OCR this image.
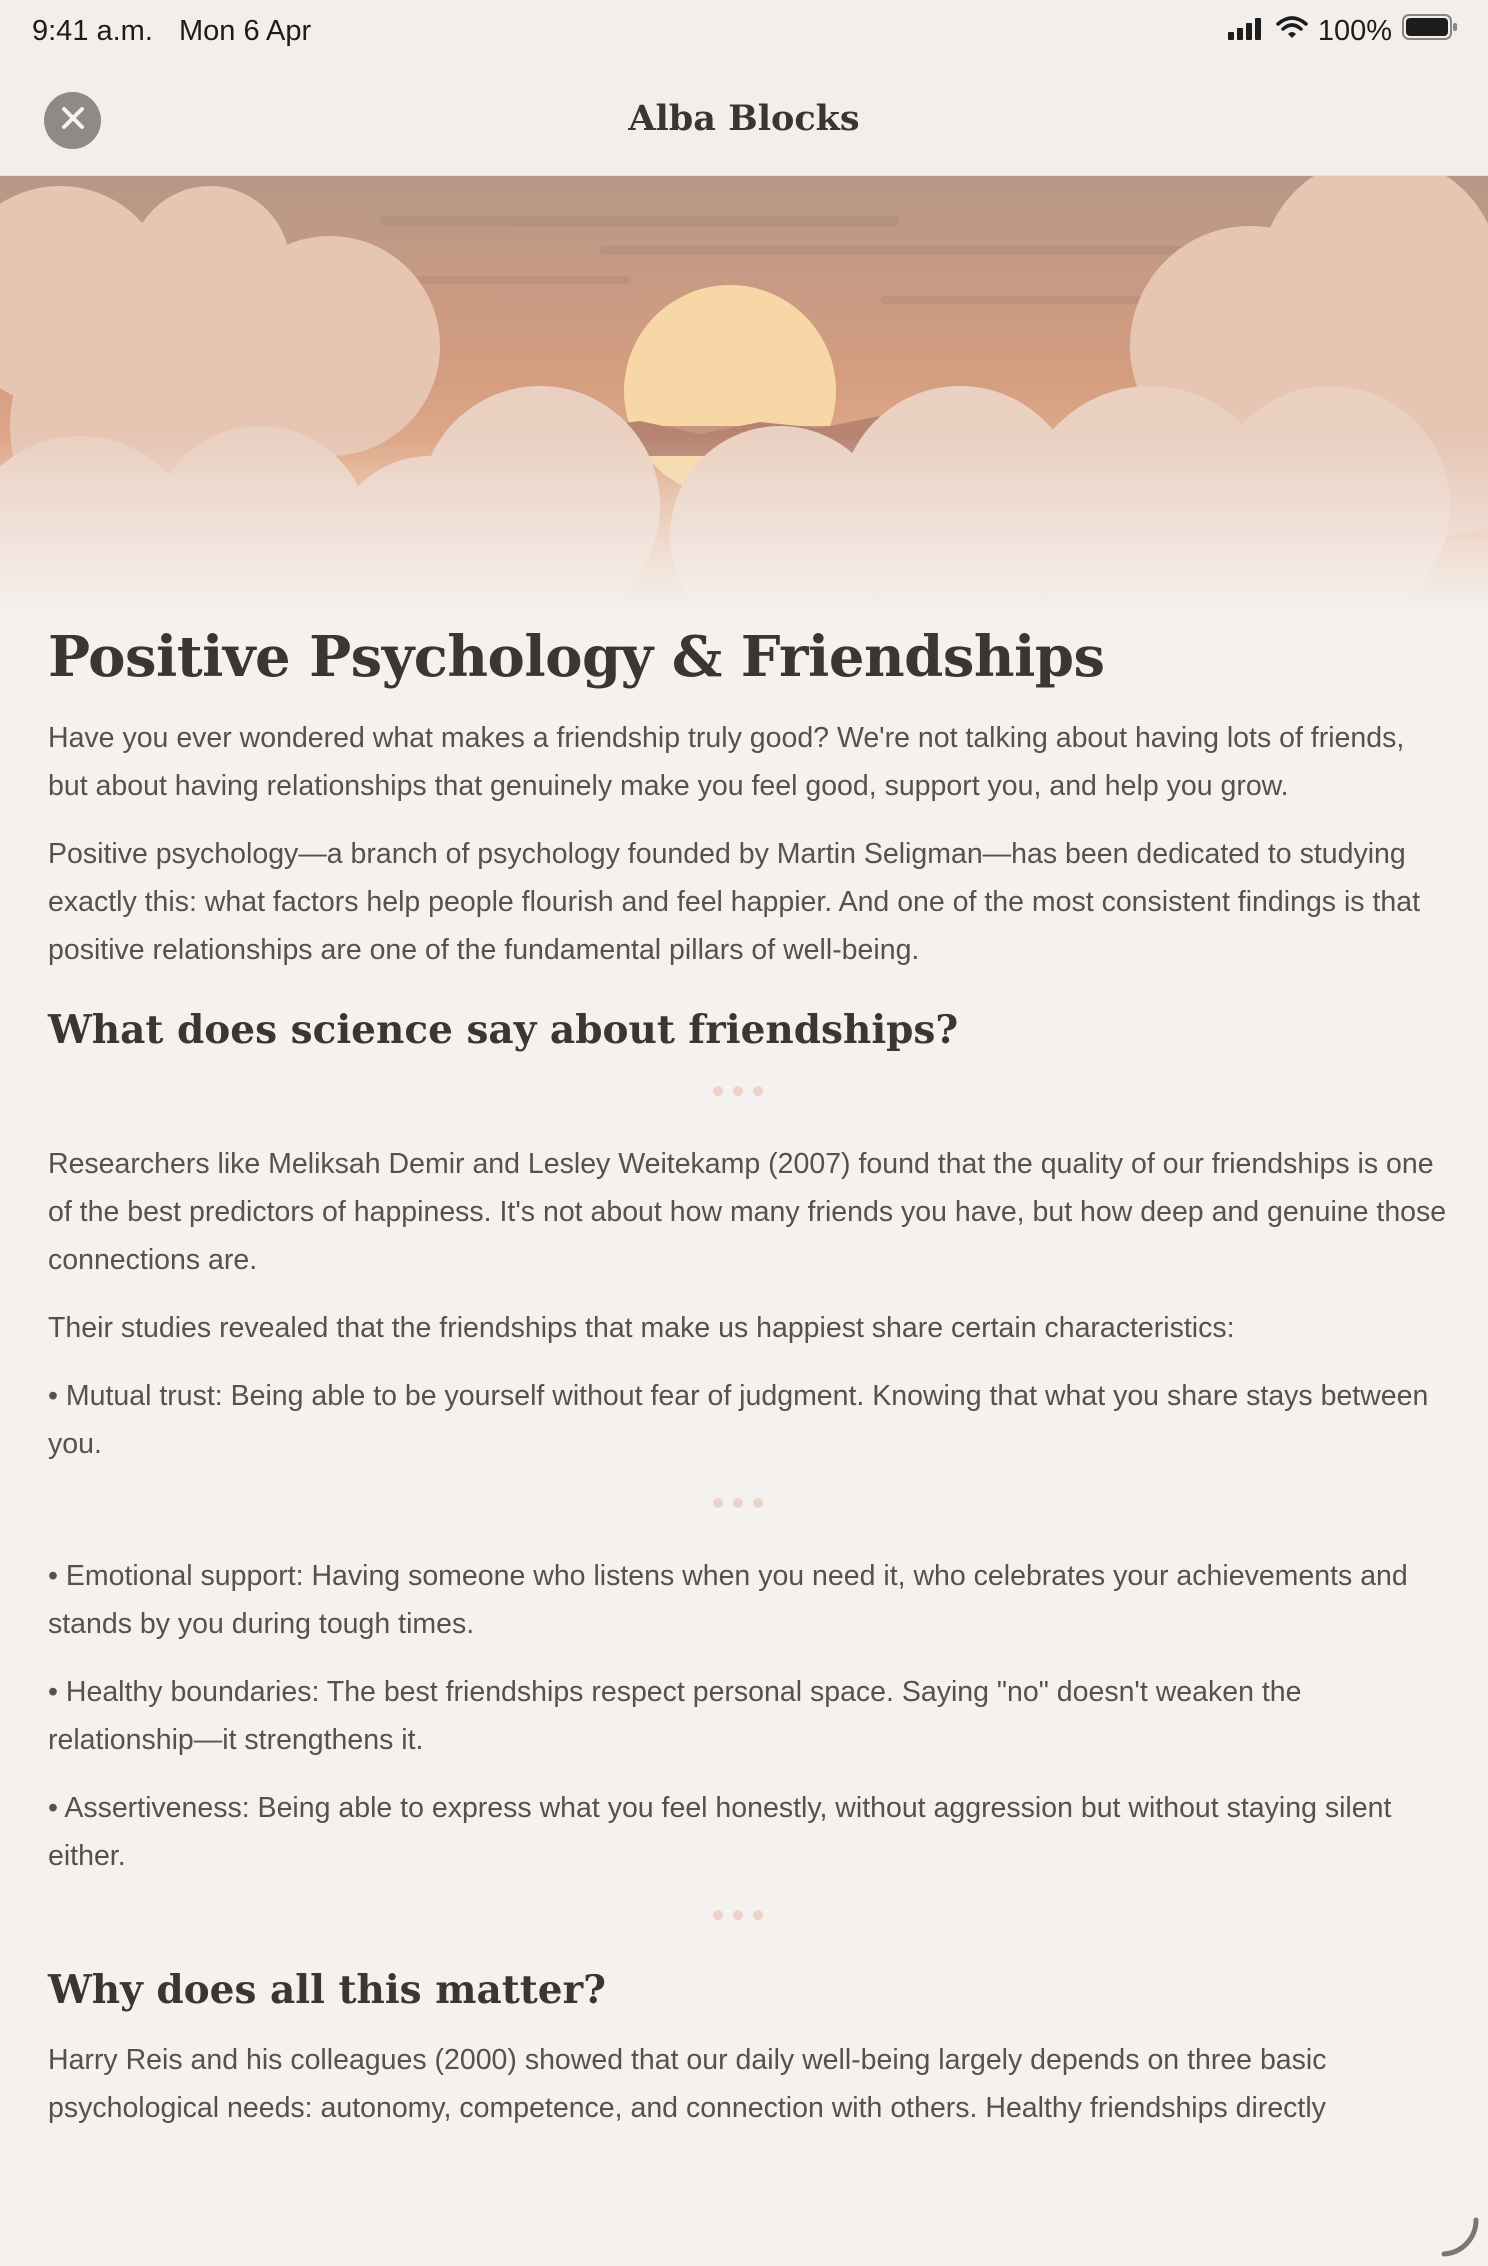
9:41 a.m. Mon 6 Apr	100%
Alba Blocks
Positive Psychology & Friendships

Have you ever wondered what makes a friendship truly good? We're not talking about having lots of friends, but about having relationships that genuinely make you feel good, support you, and help you grow.

Positive psychology—a branch of psychology founded by Martin Seligman—has been dedicated to studying exactly this: what factors help people flourish and feel happier. And one of the most consistent findings is that positive relationships are one of the fundamental pillars of well-being.

What does science say about friendships?

Researchers like Meliksah Demir and Lesley Weitekamp (2007) found that the quality of our friendships is one of the best predictors of happiness. It's not about how many friends you have, but how deep and genuine those connections are.

Their studies revealed that the friendships that make us happiest share certain characteristics:

• Mutual trust: Being able to be yourself without fear of judgment. Knowing that what you share stays between you.

• Emotional support: Having someone who listens when you need it, who celebrates your achievements and stands by you during tough times.

• Healthy boundaries: The best friendships respect personal space. Saying "no" doesn't weaken the relationship—it strengthens it.

• Assertiveness: Being able to express what you feel honestly, without aggression but without staying silent either.

Why does all this matter?

Harry Reis and his colleagues (2000) showed that our daily well-being largely depends on three basic psychological needs: autonomy, competence, and connection with others. Healthy friendships directly
